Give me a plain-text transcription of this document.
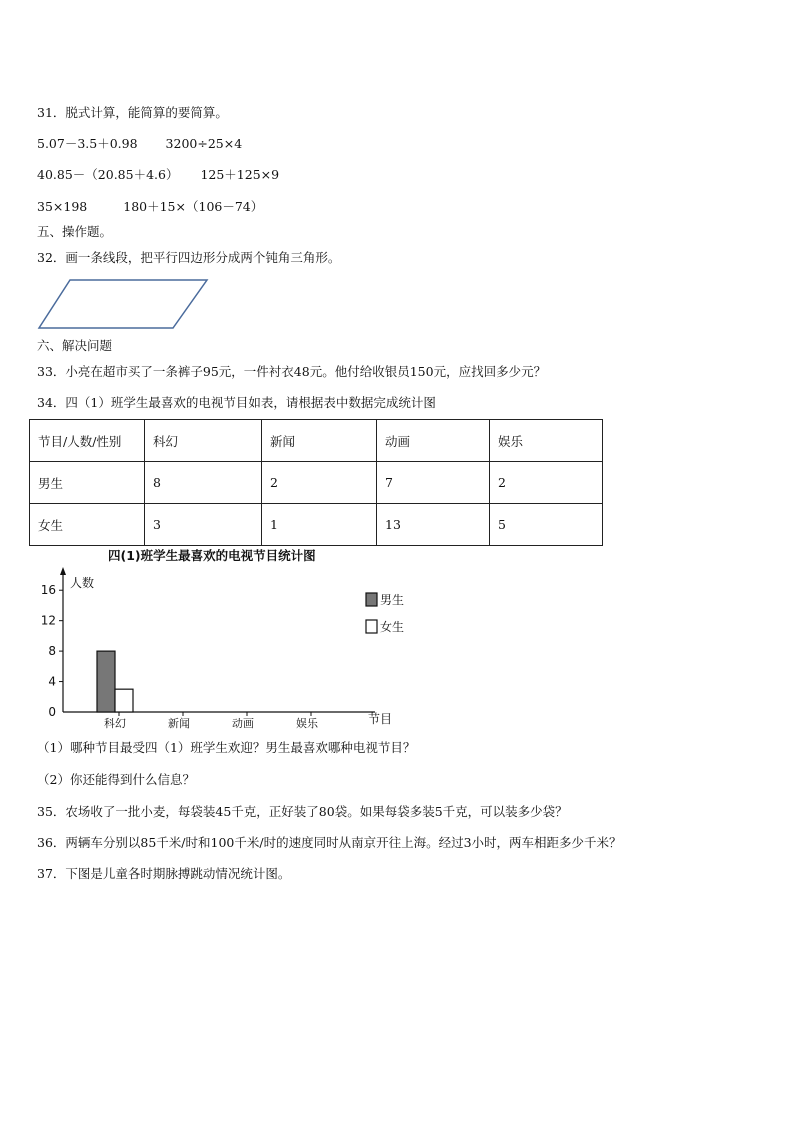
31．脱式计算，能简算的要简算。
5.07－3.5＋0.98 3200÷25×4
40.85－（20.85＋4.6） 125＋125×9
35×198	180＋15×（106－74）
五、操作题。
32．画一条线段，把平行四边形分成两个钝角三角形。
六、解决问题
33．小亮在超市买了一条裤子95元，一件衬衣48元。他付给收银员150元，应找回多少元？
34．四（1）班学生最喜欢的电视节目如表，请根据表中数据完成统计图
节目/人数/性别	科幻	新闻	动画	娱乐
男生	8	2	7	2
女生	3	1	13	5
四(1)班学生最喜欢的电视节目统计图
人数
节目
0
4
8
12
16
科幻	新闻	动画	娱乐
男生
女生
（1）哪种节目最受四（1）班学生欢迎？男生最喜欢哪种电视节目？
（2）你还能得到什么信息？
35．农场收了一批小麦，每袋装45千克，正好装了80袋。如果每袋多装5千克，可以装多少袋？
36．两辆车分别以85千米/时和100千米/时的速度同时从南京开往上海。经过3小时，两车相距多少千米？
37．下图是儿童各时期脉搏跳动情况统计图。
